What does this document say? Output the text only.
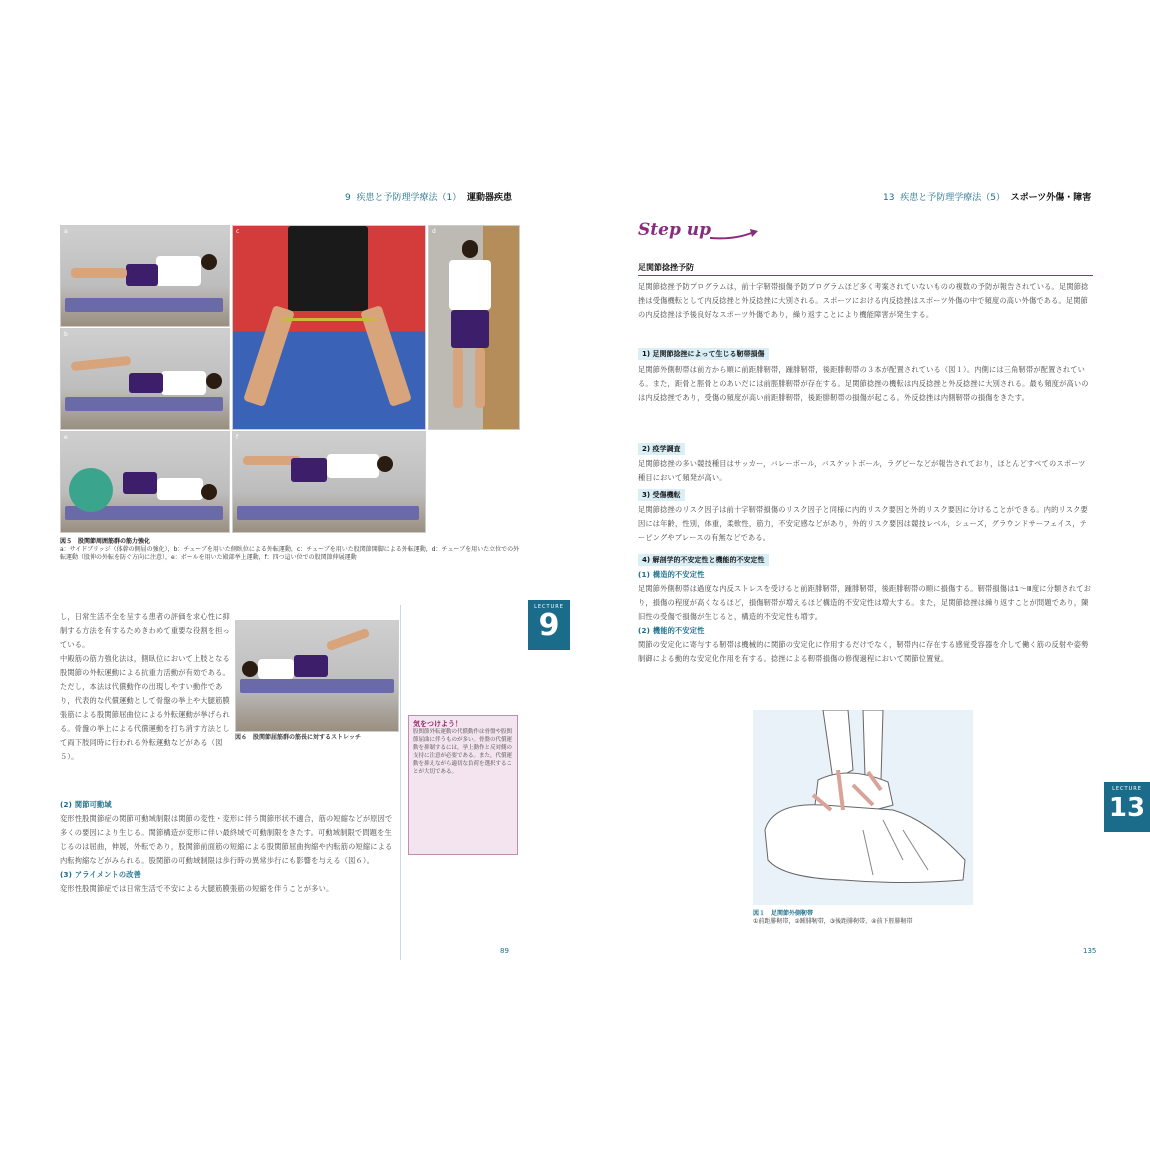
9 疾患と予防理学療法（1） 運動器疾患
a
b
c	d
e	f
図５　股関節周囲筋群の筋力強化
a：サイドブリッジ（体幹の側屈の強化），b：チューブを用いた側臥位による外転運動，c：チューブを用いた股関節開脚による外転運動，d：チューブを用いた立位での外転運動（股伸の外転を防ぐ方向に注意），e：ボールを用いた殿部挙上運動，f：四つ這い位での股関節伸展運動
し，日常生活不全を呈する患者の評価を求心性に抑制する方法を有するためきわめて重要な役割を担っている。
中殿筋の筋力強化法は，側臥位において上肢となる股関節の外転運動による抗重力活動が有効である。ただし，本法は代償動作の出現しやすい動作であり，代表的な代償運動として骨盤の挙上や大腿筋膜張筋による股関節屈曲位による外転運動が挙げられる。骨盤の挙上による代償運動を打ち消す方法として両下肢同時に行われる外転運動などがある（図５）。
図６　股関節屈筋群の筋長に対するストレッチ
(2) 関節可動域
変形性股関節症の関節可動域制限は関節の変性・変形に伴う関節形状不適合，筋の短縮などが原因で多くの要因により生じる。関節構造が変形に伴い最終域で可動制限をきたす。可動域制限で問題を生じるのは屈曲，伸展，外転であり，股関節前面筋の短縮による股関節屈曲拘縮や内転筋の短縮による内転拘縮などがみられる。股関節の可動域制限は歩行時の異常歩行にも影響を与える（図６）。
(3) アライメントの改善
変形性股関節症では日常生活で不安による大腿筋膜張筋の短縮を伴うことが多い。
気をつけよう！
股関節外転運動の代償動作は骨盤や股関節屈曲に伴うものが多い。骨盤の代償運動を抑制するには，挙上動作と反対側の支持に注意が必要である。また，代償運動を抑えながら適切な負荷を選択することが大切である。
89
LECTURE
9
13 疾患と予防理学療法（5） スポーツ外傷・障害
Step up
足関節捻挫予防
足関節捻挫予防プログラムは，前十字靭帯損傷予防プログラムほど多く考案されていないものの複数の予防が報告されている。足関節捻挫は受傷機転として内反捻挫と外反捻挫に大別される。スポーツにおける内反捻挫はスポーツ外傷の中で頻度の高い外傷である。足関節の内反捻挫は予後良好なスポーツ外傷であり，繰り返すことにより機能障害が発生する。
1) 足関節捻挫によって生じる靭帯損傷
足関節外側靭帯は前方から順に前距腓靭帯，踵腓靭帯，後距腓靭帯の３本が配置されている（図１）。内側には三角靭帯が配置されている。また，距骨と脛骨とのあいだには前脛腓靭帯が存在する。足関節捻挫の機転は内反捻挫と外反捻挫に大別される。最も頻度が高いのは内反捻挫であり，受傷の頻度が高い前距腓靭帯，後距腓靭帯の損傷が起こる。外反捻挫は内側靭帯の損傷をきたす。
2) 疫学調査
足関節捻挫の多い競技種目はサッカー，バレーボール，バスケットボール，ラグビーなどが報告されており，ほとんどすべてのスポーツ種目において頻発が高い。
3) 受傷機転
足関節捻挫のリスク因子は前十字靭帯損傷のリスク因子と同様に内的リスク要因と外的リスク要因に分けることができる。内的リスク要因には年齢，性別，体重，柔軟性，筋力，不安定感などがあり，外的リスク要因は競技レベル，シューズ，グラウンドサーフェイス，テーピングやブレースの有無などである。
4) 解剖学的不安定性と機能的不安定性
(1) 構造的不安定性
足関節外側靭帯は過度な内反ストレスを受けると前距腓靭帯，踵腓靭帯，後距腓靭帯の順に損傷する。靭帯損傷は1～Ⅲ度に分類されており，損傷の程度が高くなるほど，損傷靭帯が増えるほど構造的不安定性は増大する。また，足関節捻挫は繰り返すことが問題であり，陳旧性の受傷で損傷が生じると，構造的不安定性も増す。
(2) 機能的不安定性
関節の安定化に寄与する靭帯は機械的に関節の安定化に作用するだけでなく，靭帯内に存在する感覚受容器を介して働く筋の反射や姿勢制御による動的な安定化作用を有する。捻挫による靭帯損傷の修復過程において関節位置覚。
図１　足関節外側靭帯
①前距腓靭帯，②踵腓靭帯，③後距腓靭帯，④前下脛腓靭帯
135
LECTURE
13
